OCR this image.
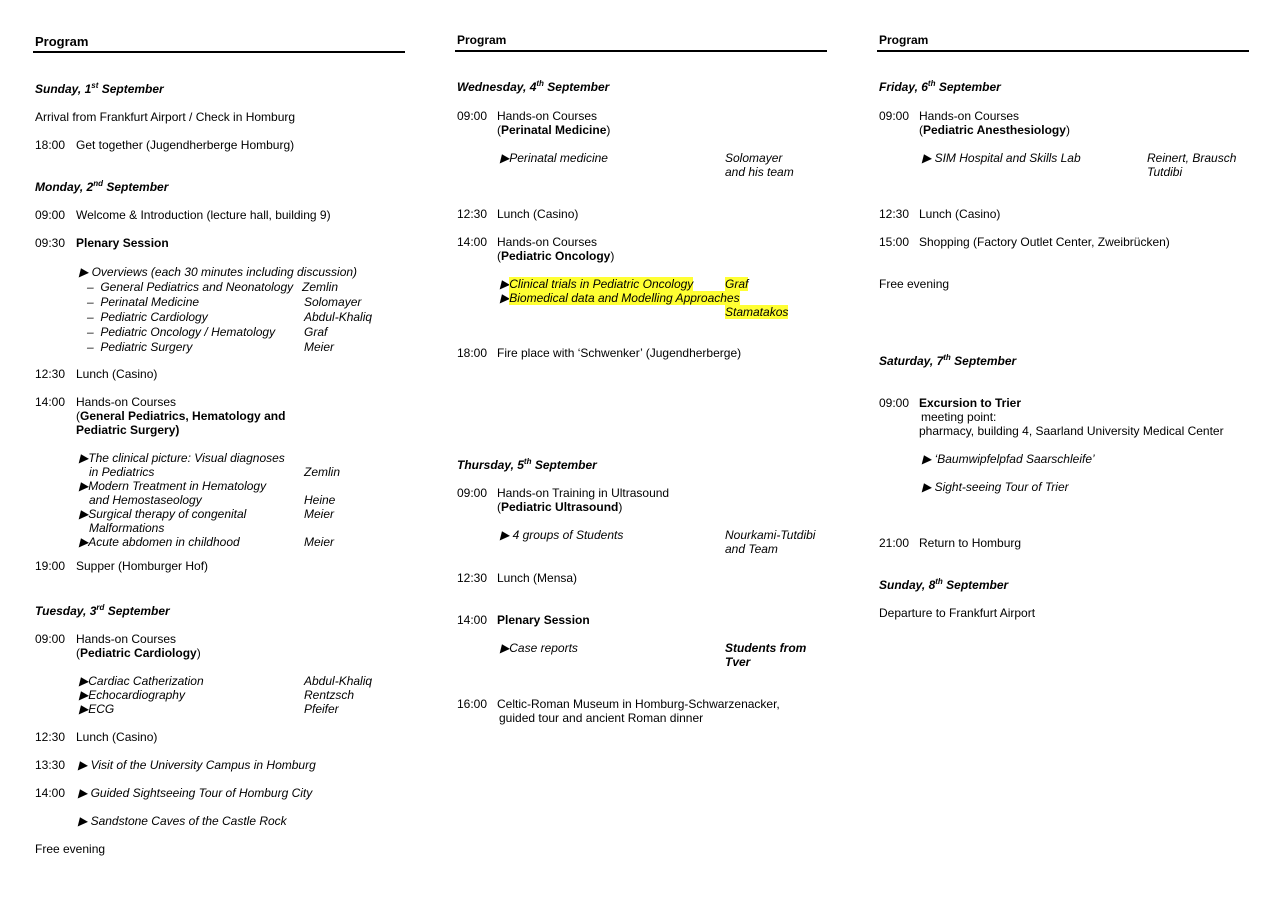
Program
Sunday, 1st September
Arrival from Frankfurt Airport / Check in Homburg
18:00 Get together (Jugendherberge Homburg)
Monday, 2nd September
09:00 Welcome & Introduction (lecture hall, building 9)
09:30 Plenary Session
▶ Overviews (each 30 minutes including discussion)
–  General Pediatrics and Neonatology Zemlin
–  Perinatal Medicine	Solomayer
–  Pediatric Cardiology	Abdul-Khaliq
–  Pediatric Oncology / Hematology Graf
–  Pediatric Surgery	Meier
12:30 Lunch (Casino)
14:00 Hands-on Courses
(General Pediatrics, Hematology and
Pediatric Surgery)
▶The clinical picture: Visual diagnoses
in Pediatrics	Zemlin
▶Modern Treatment in Hematology
and Hemostaseology	Heine
▶Surgical therapy of congenital	Meier
Malformations
▶Acute abdomen in childhood	Meier
19:00 Supper (Homburger Hof)
Tuesday, 3rd September
09:00 Hands-on Courses
(Pediatric Cardiology)
▶Cardiac Catherization	Abdul-Khaliq
▶Echocardiography	Rentzsch
▶ECG	Pfeifer
12:30 Lunch (Casino)
13:30 ▶ Visit of the University Campus in Homburg
14:00 ▶ Guided Sightseeing Tour of Homburg City
▶ Sandstone Caves of the Castle Rock
Free evening
Program
Wednesday, 4th September
09:00 Hands-on Courses
(Perinatal Medicine)
▶Perinatal medicine	Solomayer
and his team
12:30 Lunch (Casino)
14:00 Hands-on Courses
(Pediatric Oncology)
▶Clinical trials in Pediatric Oncology	Graf
▶Biomedical data and Modelling Approaches
Stamatakos
18:00 Fire place with ‘Schwenker’ (Jugendherberge)
Thursday, 5th September
09:00 Hands-on Training in Ultrasound
(Pediatric Ultrasound)
▶ 4 groups of Students	Nourkami-Tutdibi
and Team
12:30 Lunch (Mensa)
14:00 Plenary Session
▶Case reports	Students from
Tver
16:00 Celtic-Roman Museum in Homburg-Schwarzenacker,
guided tour and ancient Roman dinner
Program
Friday, 6th September
09:00 Hands-on Courses
(Pediatric Anesthesiology)
▶ SIM Hospital and Skills Lab	Reinert, Brausch
Tutdibi
12:30 Lunch (Casino)
15:00 Shopping (Factory Outlet Center, Zweibrücken)
Free evening
Saturday, 7th September
09:00 Excursion to Trier
meeting point:
pharmacy, building 4, Saarland University Medical Center
▶ ‘Baumwipfelpfad Saarschleife’
▶ Sight-seeing Tour of Trier
21:00 Return to Homburg
Sunday, 8th September
Departure to Frankfurt Airport
